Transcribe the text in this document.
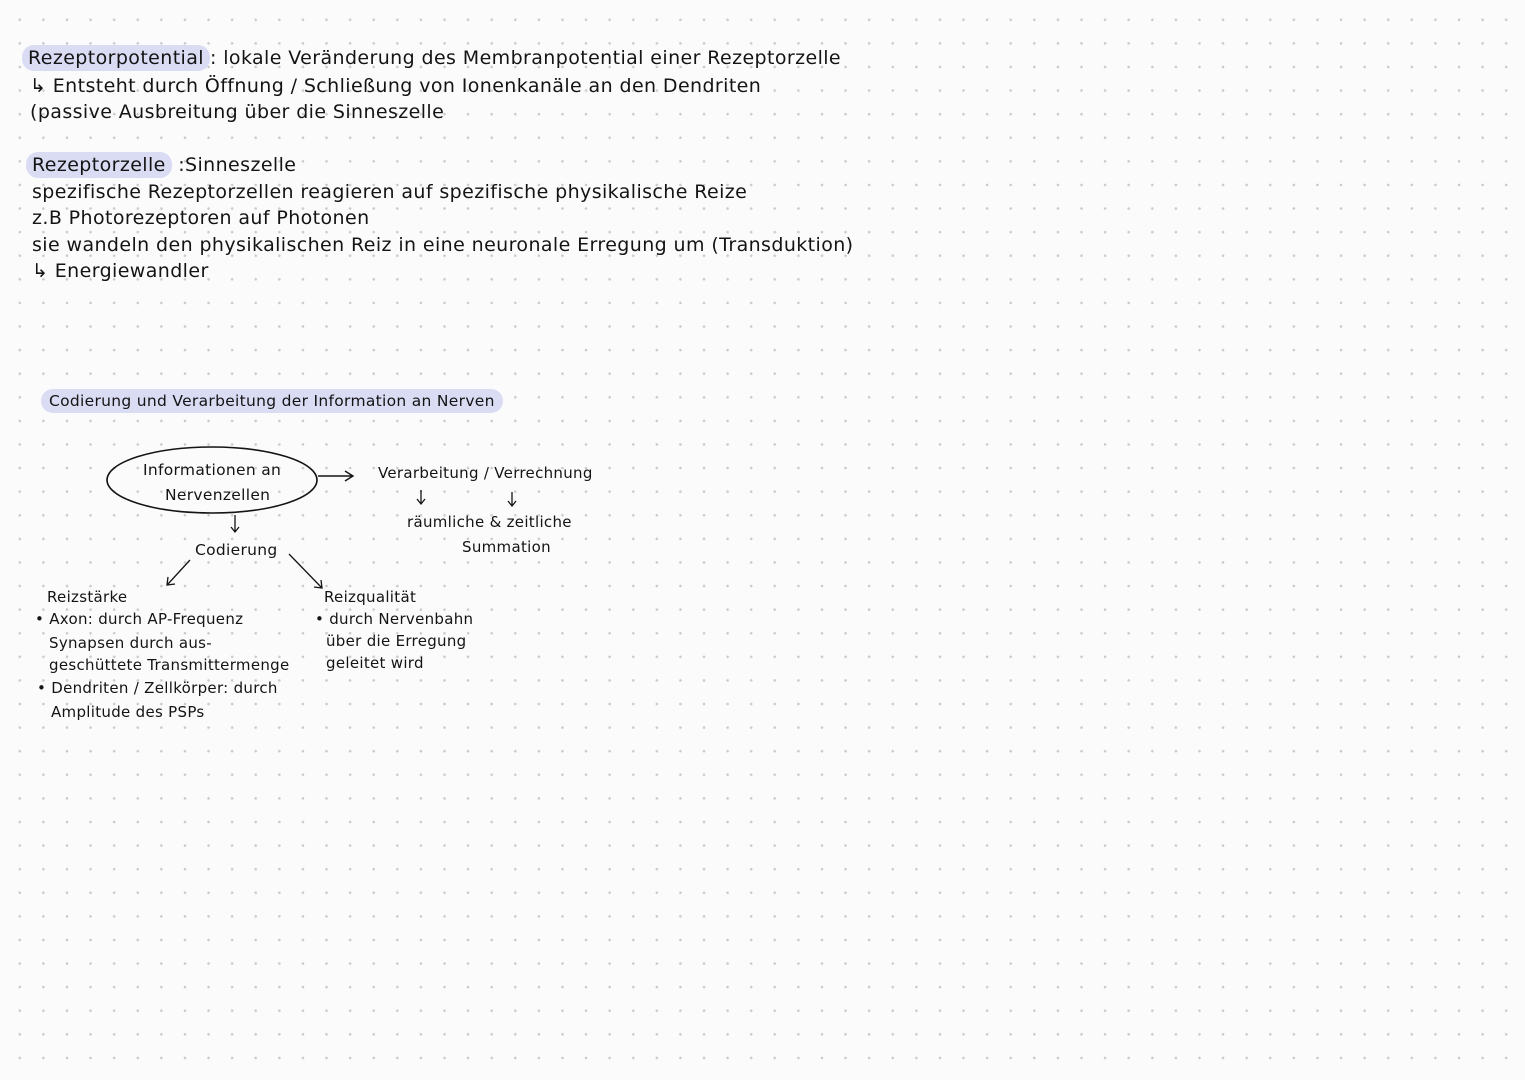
Rezeptorpotential : lokale Veränderung des Membranpotential einer Rezeptorzelle
↳ Entsteht durch Öffnung / Schließung von Ionenkanäle an den Dendriten
(passive Ausbreitung über die Sinneszelle
Rezeptorzelle :Sinneszelle
spezifische Rezeptorzellen reagieren auf spezifische physikalische Reize
z.B Photorezeptoren auf Photonen
sie wandeln den physikalischen Reiz in eine neuronale Erregung um (Transduktion)
↳ Energiewandler
Codierung und Verarbeitung der Information an Nerven
Informationen an
Nervenzellen
Verarbeitung / Verrechnung
räumliche & zeitliche
Summation
Codierung
Reizstärke
• Axon: durch AP-Frequenz
Synapsen durch aus-
geschüttete Transmittermenge
• Dendriten / Zellkörper: durch
Amplitude des PSPs
Reizqualität
• durch Nervenbahn
über die Erregung
geleitet wird
